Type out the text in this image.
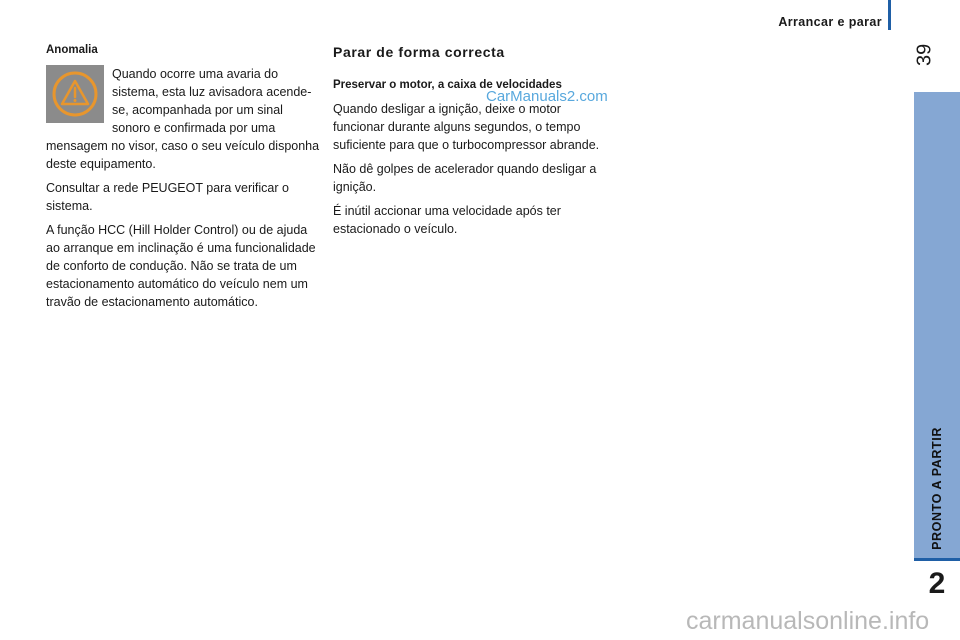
Arrancar e parar
39
PRONTO A PARTIR
2
Anomalia

Quando ocorre uma avaria do sistema, esta luz avisadora acende-se, acompanhada por um sinal sonoro e confirmada por uma mensagem no visor, caso o seu veículo disponha deste equipamento.

Consultar a rede PEUGEOT para verificar o sistema.

A função HCC (Hill Holder Control) ou de ajuda ao arranque em inclinação é uma funcionalidade de conforto de condução. Não se trata de um estacionamento automático do veículo nem um travão de estacionamento automático.

Parar de forma correcta
Preservar o motor, a caixa de velocidades

Quando desligar a ignição, deixe o motor funcionar durante alguns segundos, o tempo suficiente para que o turbocompressor abrande.

Não dê golpes de acelerador quando desligar a ignição.

É inútil accionar uma velocidade após ter estacionado o veículo.

CarManuals2.com
carmanualsonline.info
